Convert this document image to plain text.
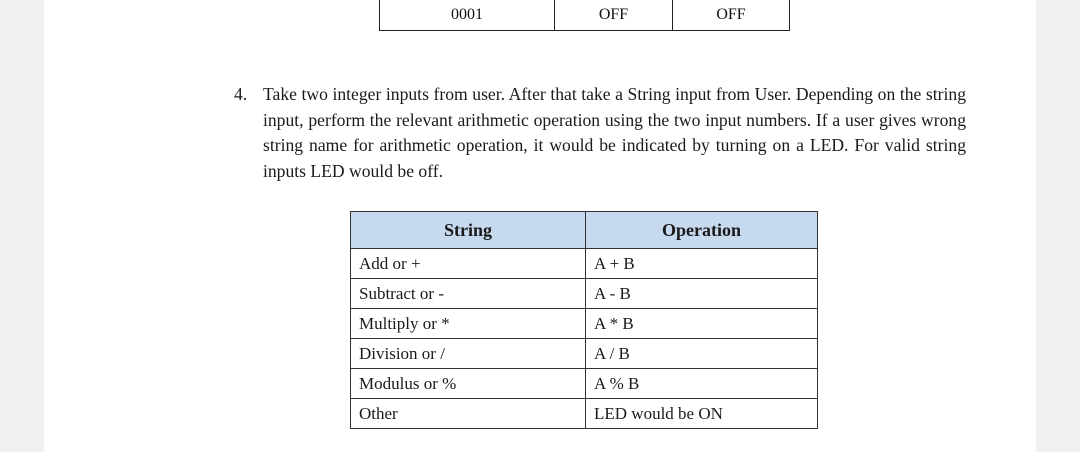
0001	OFF	OFF
4. Take two integer inputs from user. After that take a String input from User. Depending on the string input, perform the relevant arithmetic operation using the two input numbers. If a user gives wrong string name for arithmetic operation, it would be indicated by turning on a LED. For valid string inputs LED would be off.
String	Operation
Add or +	A + B
Subtract or -	A - B
Multiply or *	A * B
Division or /	A / B
Modulus or %	A % B
Other	LED would be ON
